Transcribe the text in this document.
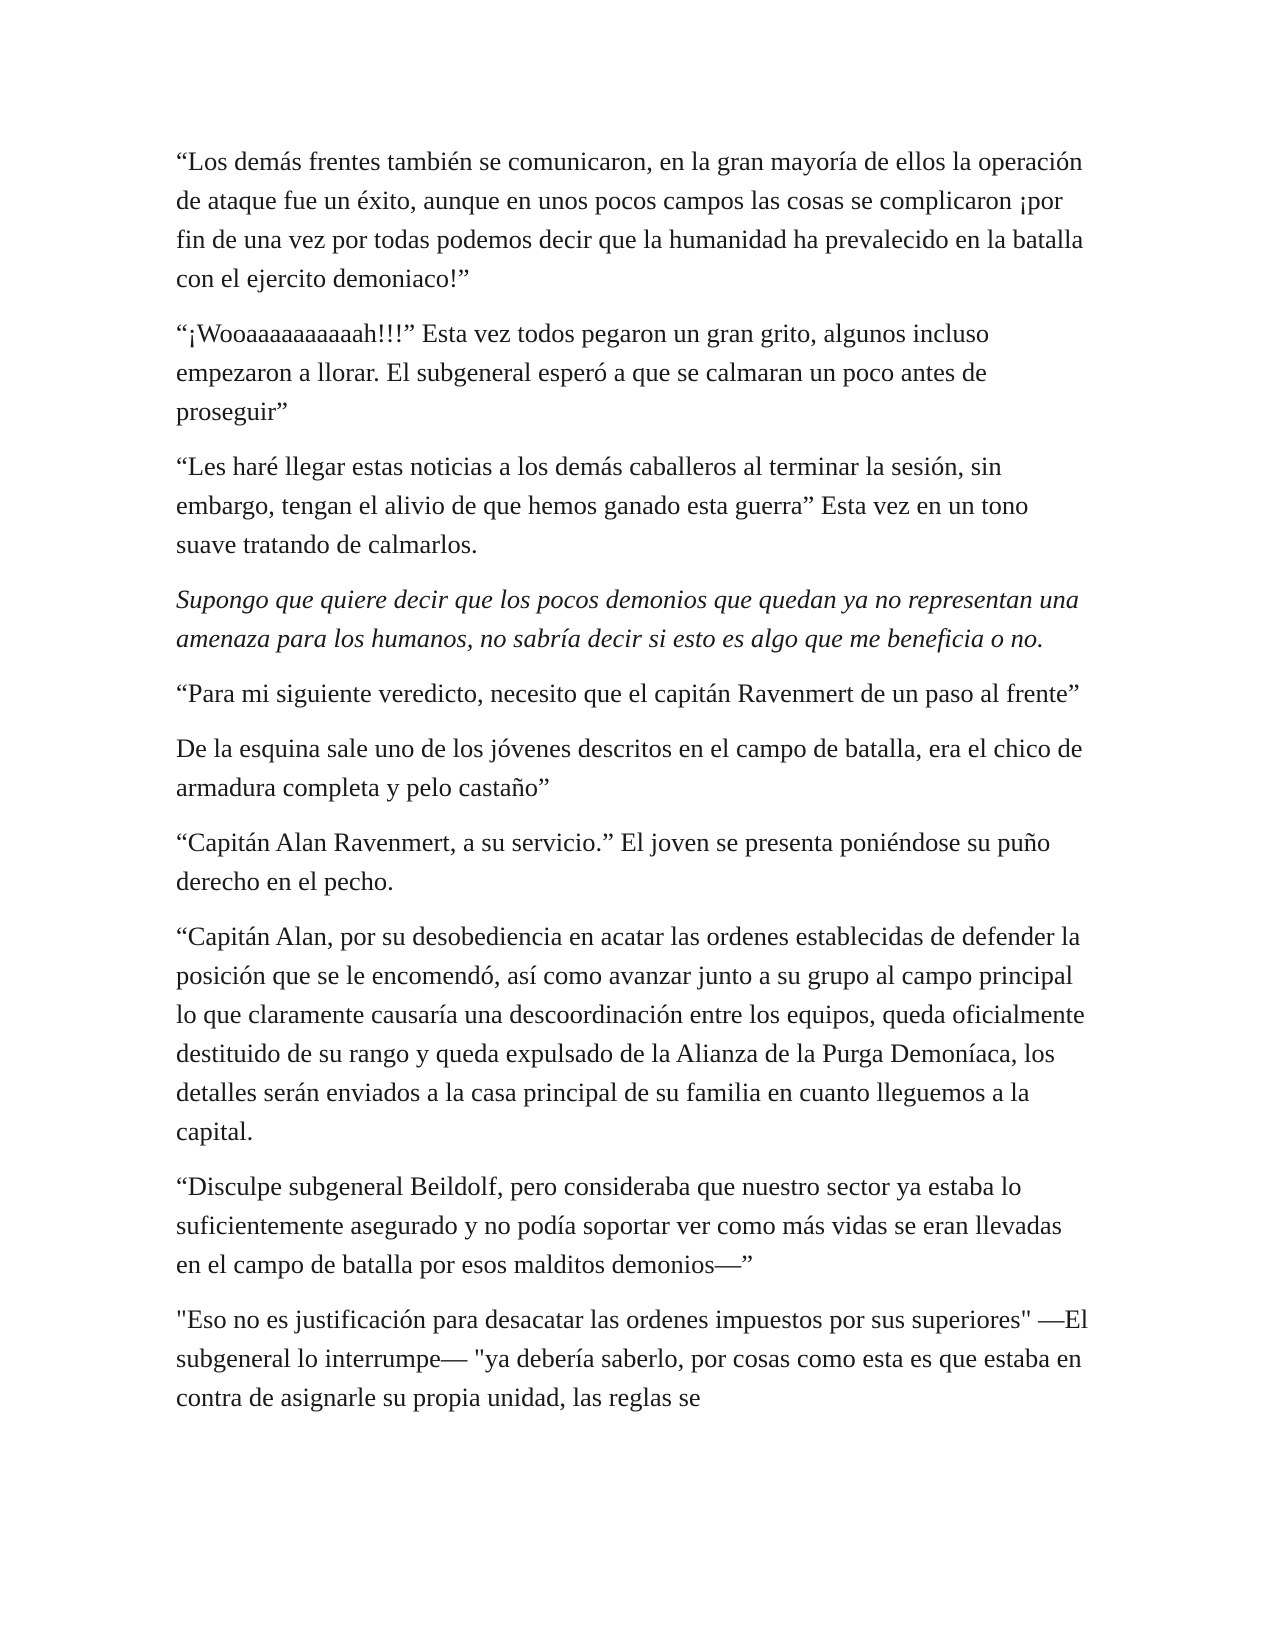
“Los demás frentes también se comunicaron, en la gran mayoría de ellos la operación de ataque fue un éxito, aunque en unos pocos campos las cosas se complicaron ¡por fin de una vez por todas podemos decir que la humanidad ha prevalecido en la batalla con el ejercito demoniaco!”

“¡Wooaaaaaaaaaah!!!” Esta vez todos pegaron un gran grito, algunos incluso empezaron a llorar. El subgeneral esperó a que se calmaran un poco antes de proseguir”

“Les haré llegar estas noticias a los demás caballeros al terminar la sesión, sin embargo, tengan el alivio de que hemos ganado esta guerra” Esta vez en un tono suave tratando de calmarlos.

Supongo que quiere decir que los pocos demonios que quedan ya no representan una amenaza para los humanos, no sabría decir si esto es algo que me beneficia o no.

“Para mi siguiente veredicto, necesito que el capitán Ravenmert de un paso al frente”

De la esquina sale uno de los jóvenes descritos en el campo de batalla, era el chico de armadura completa y pelo castaño”

“Capitán Alan Ravenmert, a su servicio.” El joven se presenta poniéndose su puño derecho en el pecho.

“Capitán Alan, por su desobediencia en acatar las ordenes establecidas de defender la posición que se le encomendó, así como avanzar junto a su grupo al campo principal lo que claramente causaría una descoordinación entre los equipos, queda oficialmente destituido de su rango y queda expulsado de la Alianza de la Purga Demoníaca, los detalles serán enviados a la casa principal de su familia en cuanto lleguemos a la capital.

“Disculpe subgeneral Beildolf, pero consideraba que nuestro sector ya estaba lo suficientemente asegurado y no podía soportar ver como más vidas se eran llevadas en el campo de batalla por esos malditos demonios—”

"Eso no es justificación para desacatar las ordenes impuestos por sus superiores" —El subgeneral lo interrumpe— "ya debería saberlo, por cosas como esta es que estaba en contra de asignarle su propia unidad, las reglas se
